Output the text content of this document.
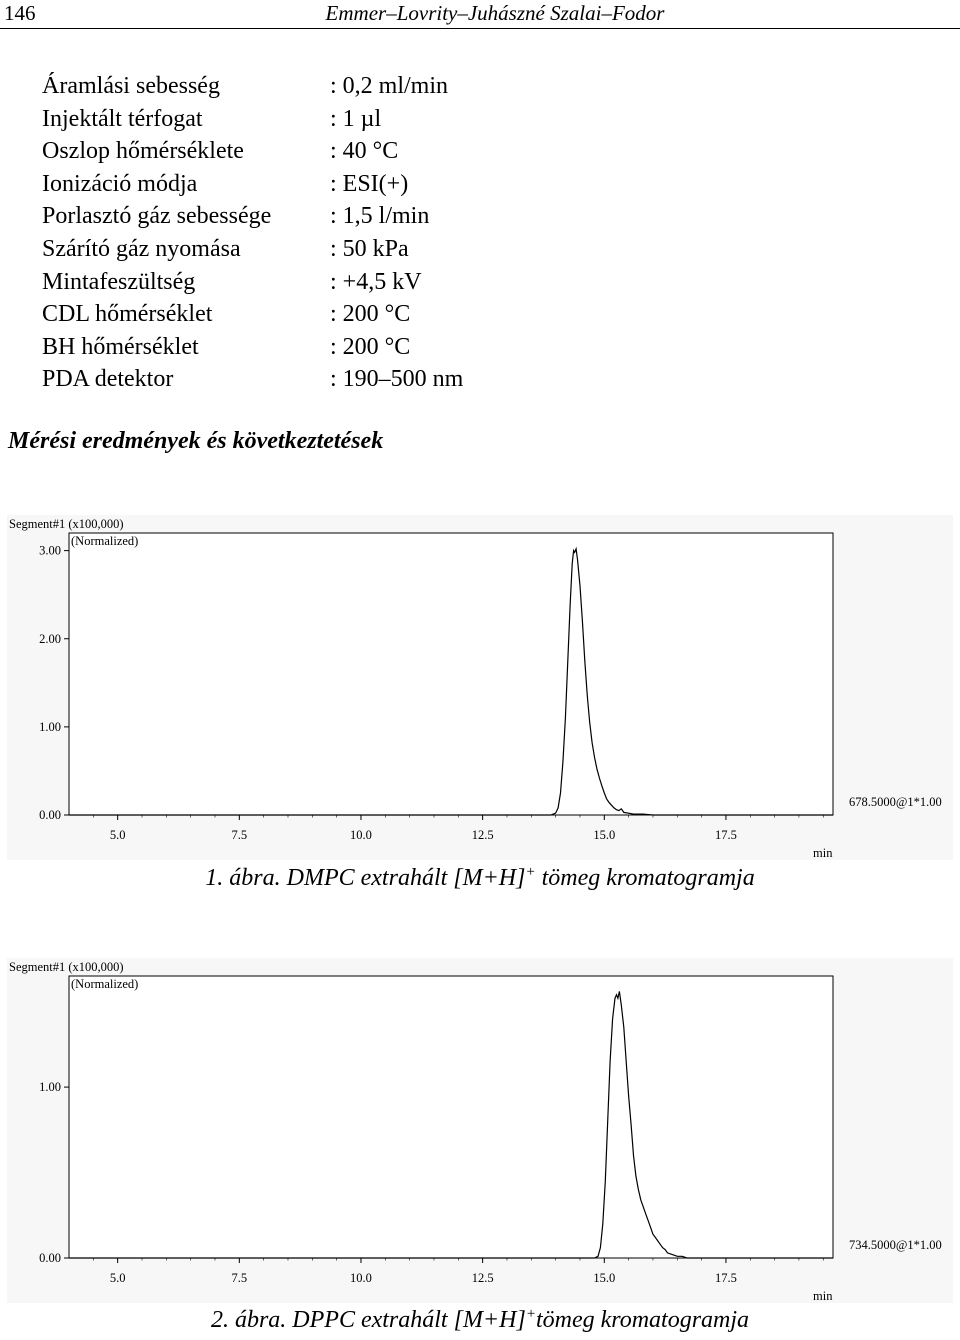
146	Emmer–Lovrity–Juhászné Szalai–Fodor
Áramlási sebesség	: 0,2 ml/min
Injektált térfogat	: 1 µl
Oszlop hőmérséklete	: 40 °C
Ionizáció módja	: ESI(+)
Porlasztó gáz sebessége : 1,5 l/min
Szárító gáz nyomása	: 50 kPa
Mintafeszültség	: +4,5 kV
CDL hőmérséklet	: 200 °C
BH hőmérséklet	: 200 °C
PDA detektor	: 190–500 nm
Mérési eredmények és következtetések
Segment#1 (x100,000)
(Normalized)
0.00
1.00
2.00
3.00
5.0	7.5	10.0	12.5	15.0	17.5
min
678.5000@1*1.00
1. ábra. DMPC extrahált [M+H]+ tömeg kromatogramja
Segment#1 (x100,000)
(Normalized)
0.00
1.00
5.0	7.5	10.0	12.5	15.0	17.5
min
734.5000@1*1.00
2. ábra. DPPC extrahált [M+H]+tömeg kromatogramja
